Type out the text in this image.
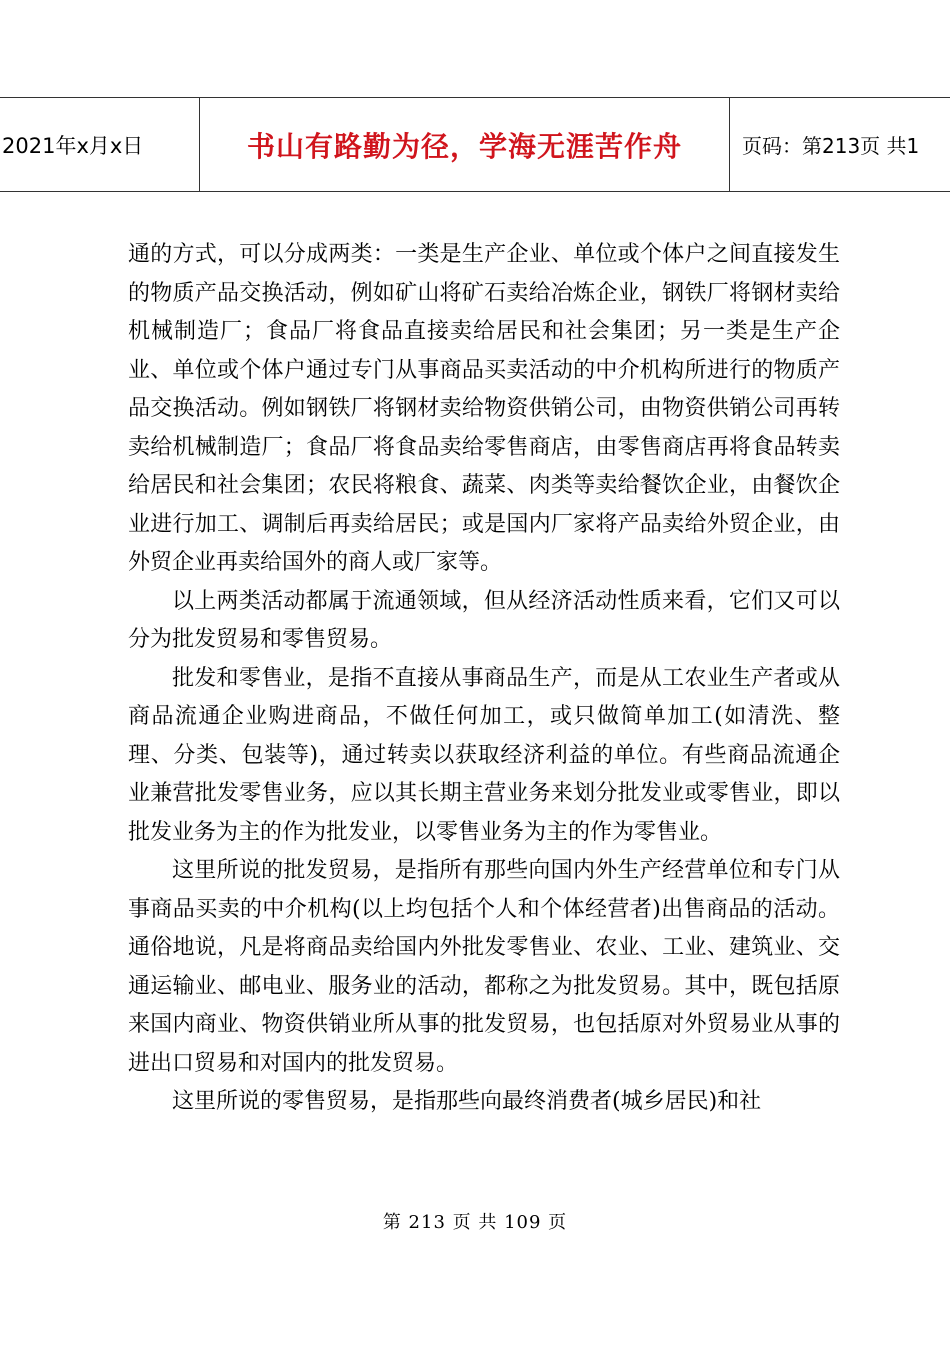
2021年x月x日	书山有路勤为径，学海无涯苦作舟	页码：第213页 共1

通的方式，可以分成两类：一类是生产企业、单位或个体户之间直接发生的物质产品交换活动，例如矿山将矿石卖给冶炼企业，钢铁厂将钢材卖给机械制造厂；食品厂将食品直接卖给居民和社会集团；另一类是生产企业、单位或个体户通过专门从事商品买卖活动的中介机构所进行的物质产品交换活动。例如钢铁厂将钢材卖给物资供销公司，由物资供销公司再转卖给机械制造厂；食品厂将食品卖给零售商店，由零售商店再将食品转卖给居民和社会集团；农民将粮食、蔬菜、肉类等卖给餐饮企业，由餐饮企业进行加工、调制后再卖给居民；或是国内厂家将产品卖给外贸企业，由外贸企业再卖给国外的商人或厂家等。

以上两类活动都属于流通领域，但从经济活动性质来看，它们又可以分为批发贸易和零售贸易。

批发和零售业，是指不直接从事商品生产，而是从工农业生产者或从商品流通企业购进商品，不做任何加工，或只做简单加工(如清洗、整理、分类、包装等)，通过转卖以获取经济利益的单位。有些商品流通企业兼营批发零售业务，应以其长期主营业务来划分批发业或零售业，即以批发业务为主的作为批发业，以零售业务为主的作为零售业。

这里所说的批发贸易，是指所有那些向国内外生产经营单位和专门从事商品买卖的中介机构(以上均包括个人和个体经营者)出售商品的活动。通俗地说，凡是将商品卖给国内外批发零售业、农业、工业、建筑业、交通运输业、邮电业、服务业的活动，都称之为批发贸易。其中，既包括原来国内商业、物资供销业所从事的批发贸易，也包括原对外贸易业从事的进出口贸易和对国内的批发贸易。

这里所说的零售贸易，是指那些向最终消费者(城乡居民)和社

第 213 页 共 109 页
